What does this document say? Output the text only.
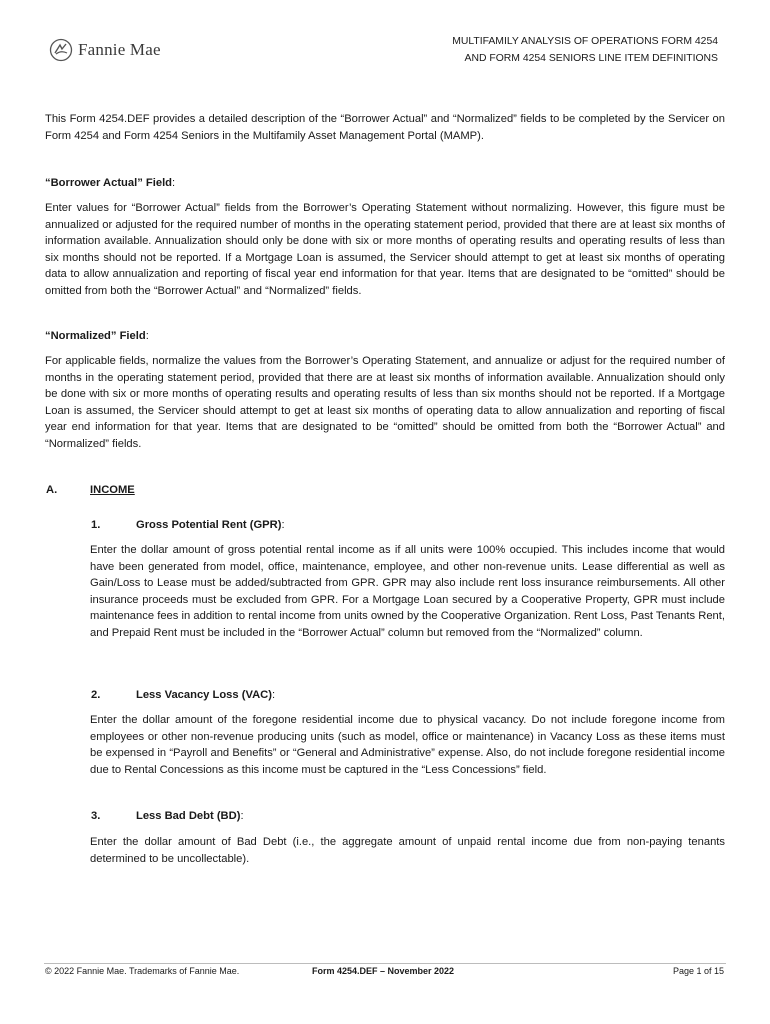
Fannie Mae	MULTIFAMILY ANALYSIS OF OPERATIONS FORM 4254
AND FORM 4254 SENIORS LINE ITEM DEFINITIONS

This Form 4254.DEF provides a detailed description of the “Borrower Actual” and “Normalized” fields to be completed by the Servicer on Form 4254 and Form 4254 Seniors in the Multifamily Asset Management Portal (MAMP).

“Borrower Actual” Field:

Enter values for “Borrower Actual” fields from the Borrower’s Operating Statement without normalizing. However, this figure must be annualized or adjusted for the required number of months in the operating statement period, provided that there are at least six months of information available. Annualization should only be done with six or more months of operating results and operating results of less than six months should not be reported. If a Mortgage Loan is assumed, the Servicer should attempt to get at least six months of operating data to allow annualization and reporting of fiscal year end information for that year. Items that are designated to be “omitted” should be omitted from both the “Borrower Actual” and “Normalized” fields.

“Normalized” Field:

For applicable fields, normalize the values from the Borrower’s Operating Statement, and annualize or adjust for the required number of months in the operating statement period, provided that there are at least six months of information available. Annualization should only be done with six or more months of operating results and operating results of less than six months should not be reported. If a Mortgage Loan is assumed, the Servicer should attempt to get at least six months of operating data to allow annualization and reporting of fiscal year end information for that year. Items that are designated to be “omitted” should be omitted from both the “Borrower Actual” and “Normalized” fields.

A.	INCOME
1.	Gross Potential Rent (GPR):

Enter the dollar amount of gross potential rental income as if all units were 100% occupied. This includes income that would have been generated from model, office, maintenance, employee, and other non-revenue units. Lease differential as well as Gain/Loss to Lease must be added/subtracted from GPR. GPR may also include rent loss insurance reimbursements. All other insurance proceeds must be excluded from GPR. For a Mortgage Loan secured by a Cooperative Property, GPR must include maintenance fees in addition to rental income from units owned by the Cooperative Organization. Rent Loss, Past Tenants Rent, and Prepaid Rent must be included in the “Borrower Actual” column but removed from the “Normalized” column.

2.	Less Vacancy Loss (VAC):

Enter the dollar amount of the foregone residential income due to physical vacancy. Do not include foregone income from employees or other non-revenue producing units (such as model, office or maintenance) in Vacancy Loss as these items must be expensed in “Payroll and Benefits” or “General and Administrative” expense. Also, do not include foregone residential income due to Rental Concessions as this income must be captured in the “Less Concessions” field.

3.	Less Bad Debt (BD):

Enter the dollar amount of Bad Debt (i.e., the aggregate amount of unpaid rental income due from non-paying tenants determined to be uncollectable).

© 2022 Fannie Mae. Trademarks of Fannie Mae.	Form 4254.DEF – November 2022	Page 1 of 15
